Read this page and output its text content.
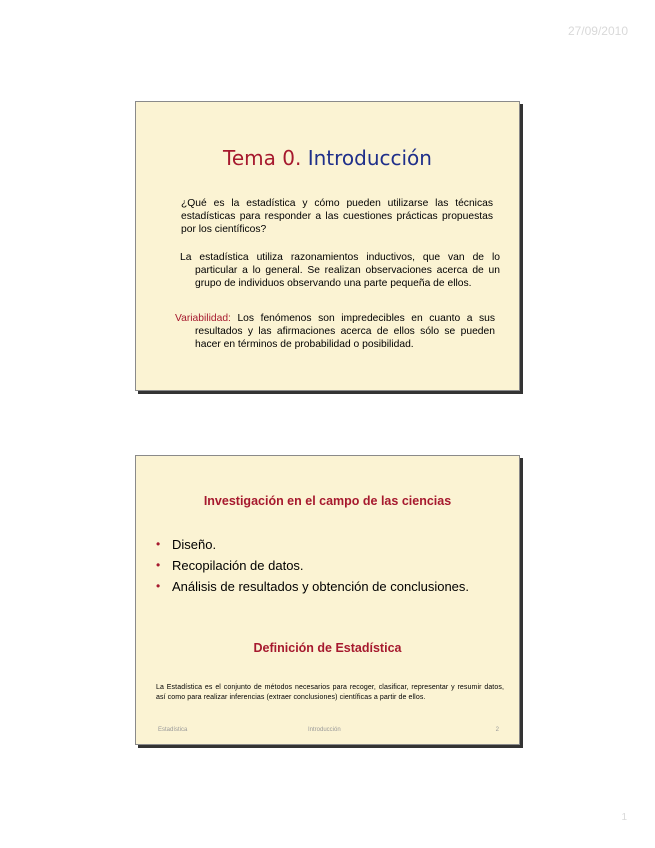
27/09/2010
Tema 0. Introducción
¿Qué es la estadística y cómo pueden utilizarse las técnicas estadísticas para responder a las cuestiones prácticas propuestas por los científicos?
La estadística utiliza razonamientos inductivos, que van de lo particular a lo general. Se realizan observaciones acerca de un grupo de individuos observando una parte pequeña de ellos.
Variabilidad: Los fenómenos son impredecibles en cuanto a sus resultados y las afirmaciones acerca de ellos sólo se pueden hacer en términos de probabilidad o posibilidad.
Investigación en el campo de las ciencias
• Diseño.
• Recopilación de datos.
• Análisis de resultados y obtención de conclusiones.
Definición de Estadística
La Estadística es el conjunto de métodos necesarios para recoger, clasificar, representar y resumir datos, así como para realizar inferencias (extraer conclusiones) científicas a partir de ellos.
Estadística	Introducción	2
1
